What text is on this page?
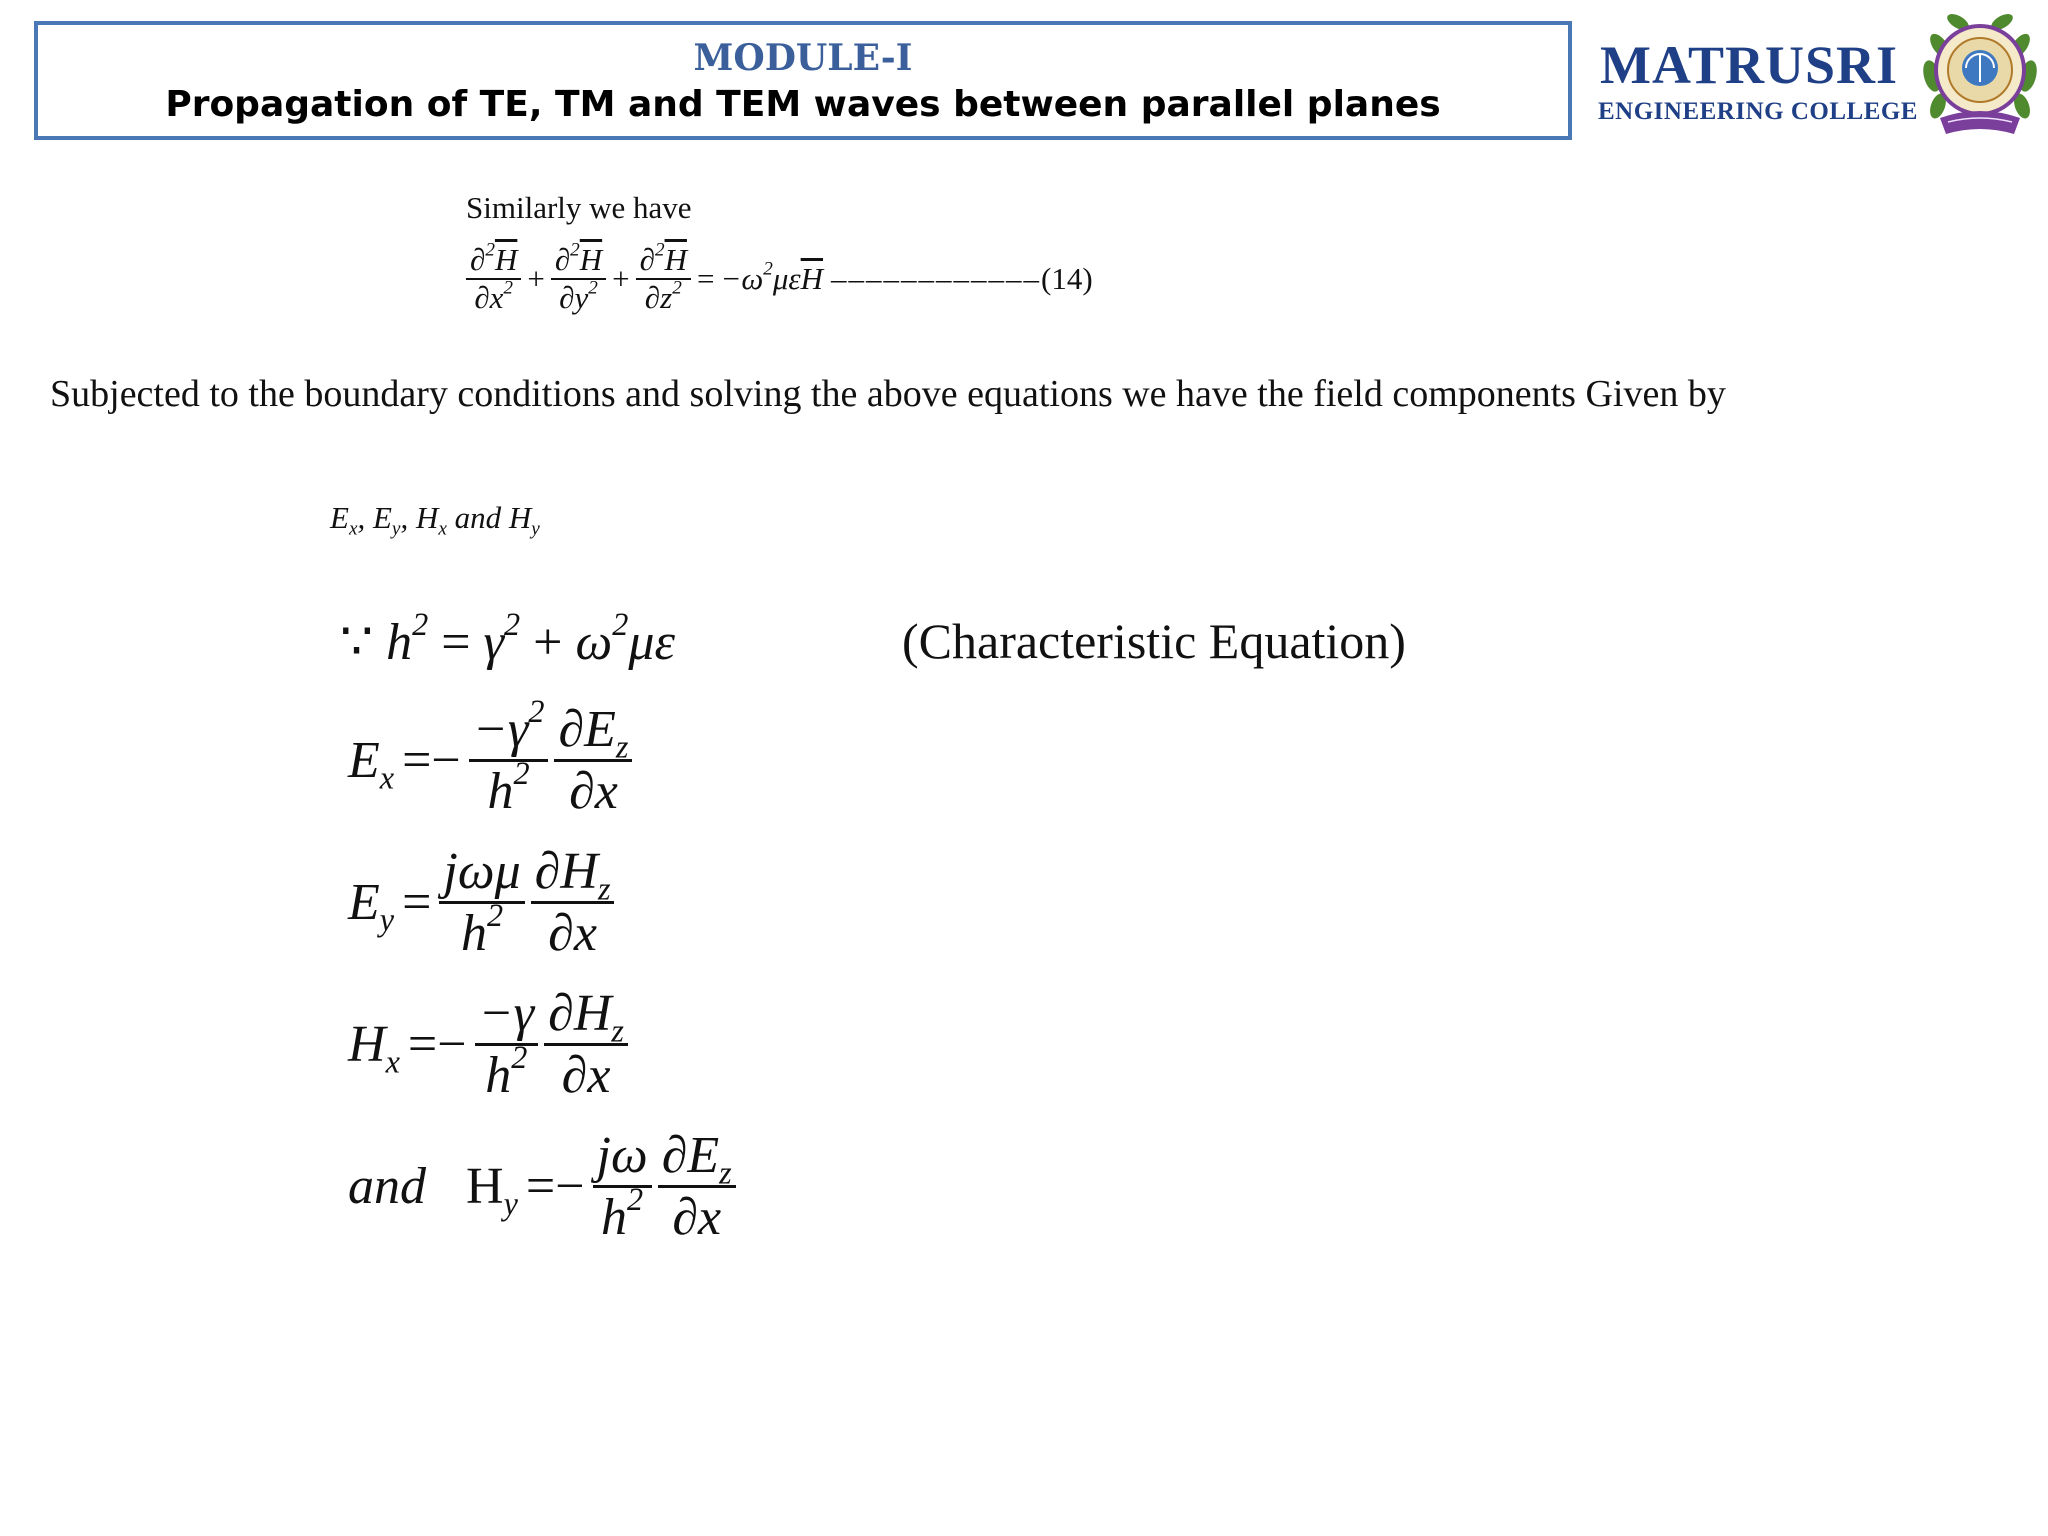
MODULE-I
Propagation of TE, TM and TEM waves between parallel planes
MATRUSRI
ENGINEERING COLLEGE
Similarly we have
$\frac{\partial^2\overline{H}}{\partial x^2} + \frac{\partial^2\overline{H}}{\partial y^2} + \frac{\partial^2\overline{H}}{\partial z^2} = -\omega^2\mu\varepsilon\overline{H}$ –––––––––––– (14)
Subjected to the boundary conditions and solving the above equations we have the field components Given by
$E_x$, $E_y$, $H_x$ and $H_y$
∵ $h^2 = \gamma^2 + \omega^2\mu\varepsilon$	(Characteristic Equation)
$E_x =- \frac{-\gamma^2}{h^2} \frac{\partial E_z}{\partial x}$
$E_y = \frac{\text{jωμ}}{h^2} \frac{\partial H_z}{\partial x}$
$H_x =- \frac{-\gamma}{h^2} \frac{\partial H_z}{\partial x}$
and $H_y =- \frac{j\omega}{h^2} \frac{\partial E_z}{\partial x}$
